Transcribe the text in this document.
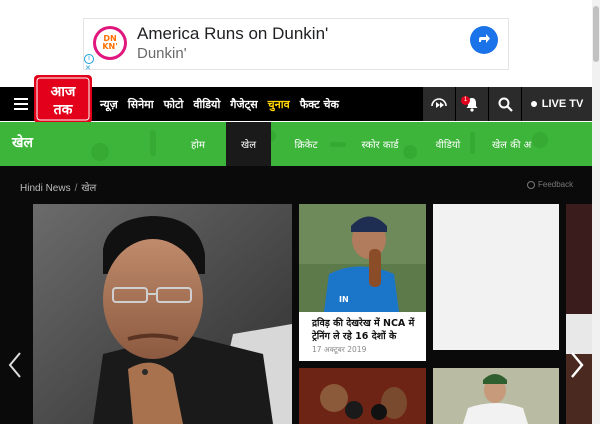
DN
KN'
America Runs on Dunkin'
Dunkin'
i
✕
आज
तक	न्यूज़ सिनेमा फोटो वीडियो गैजेट्स चुनाव फैक्ट चेक	1	LIVE TV
खेल	होम	खेल	क्रिकेट	स्कोर कार्ड	वीडियो	खेल की अ
Hindi News / खेल	Feedback
IN
द्रविड़ की देखरेख में NCA में ट्रेनिंग ले रहे 16 देशों के
17 अक्टूबर 2019
